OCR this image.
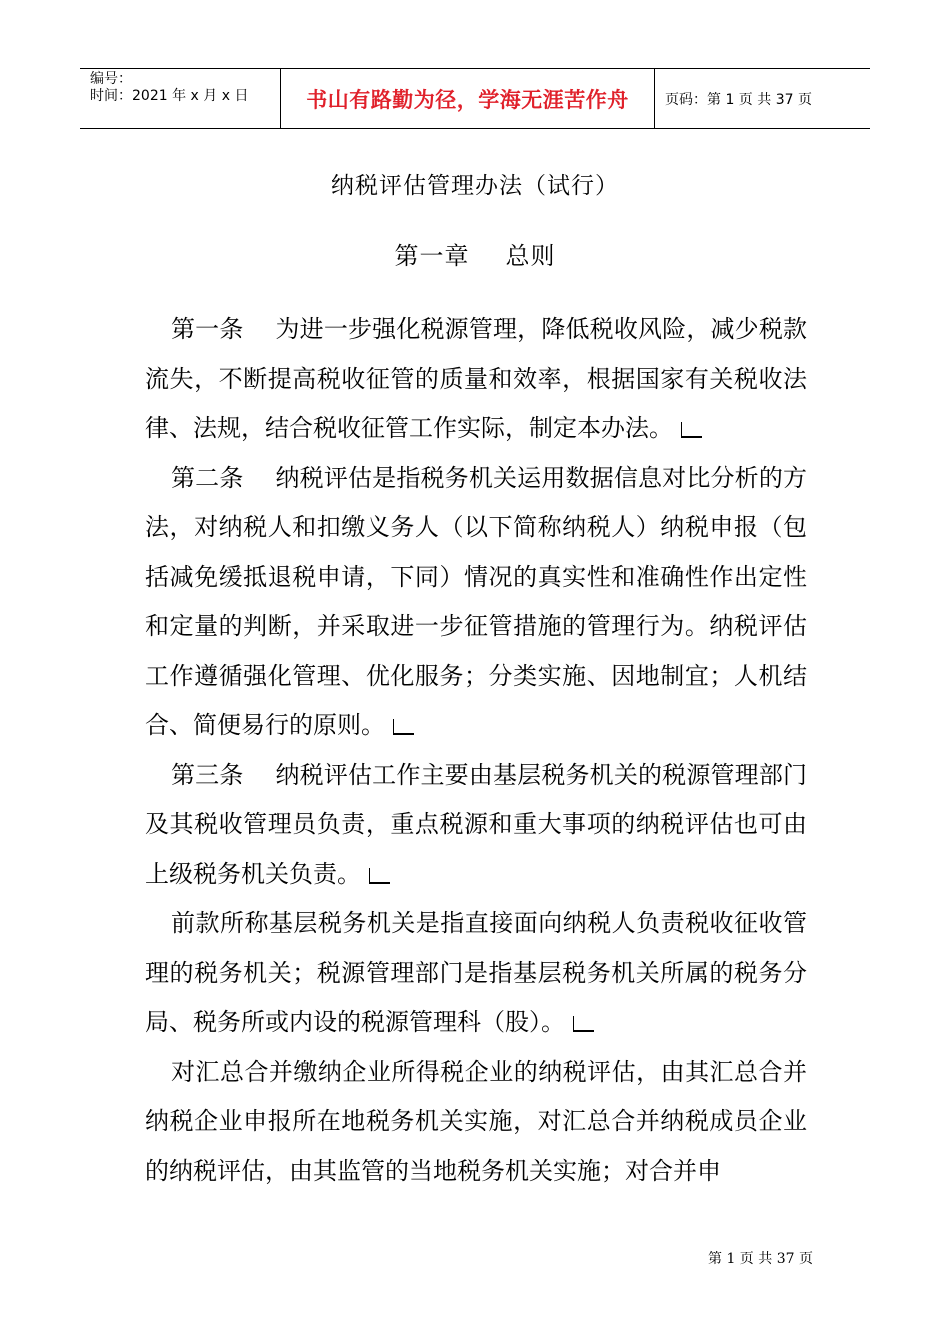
编号：
时间：2021 年 x 月 x 日	书山有路勤为径，学海无涯苦作舟	页码：第 1 页 共 37 页
纳税评估管理办法（试行）
第一章 总则

第一条 为进一步强化税源管理，降低税收风险，减少税款流失，不断提高税收征管的质量和效率，根据国家有关税收法律、法规，结合税收征管工作实际，制定本办法。

第二条 纳税评估是指税务机关运用数据信息对比分析的方法，对纳税人和扣缴义务人（以下简称纳税人）纳税申报（包括减免缓抵退税申请，下同）情况的真实性和准确性作出定性和定量的判断，并采取进一步征管措施的管理行为。纳税评估工作遵循强化管理、优化服务；分类实施、因地制宜；人机结合、简便易行的原则。

第三条 纳税评估工作主要由基层税务机关的税源管理部门及其税收管理员负责，重点税源和重大事项的纳税评估也可由上级税务机关负责。

前款所称基层税务机关是指直接面向纳税人负责税收征收管理的税务机关；税源管理部门是指基层税务机关所属的税务分局、税务所或内设的税源管理科（股）。

对汇总合并缴纳企业所得税企业的纳税评估，由其汇总合并纳税企业申报所在地税务机关实施，对汇总合并纳税成员企业的纳税评估，由其监管的当地税务机关实施；对合并申

第 1 页 共 37 页
